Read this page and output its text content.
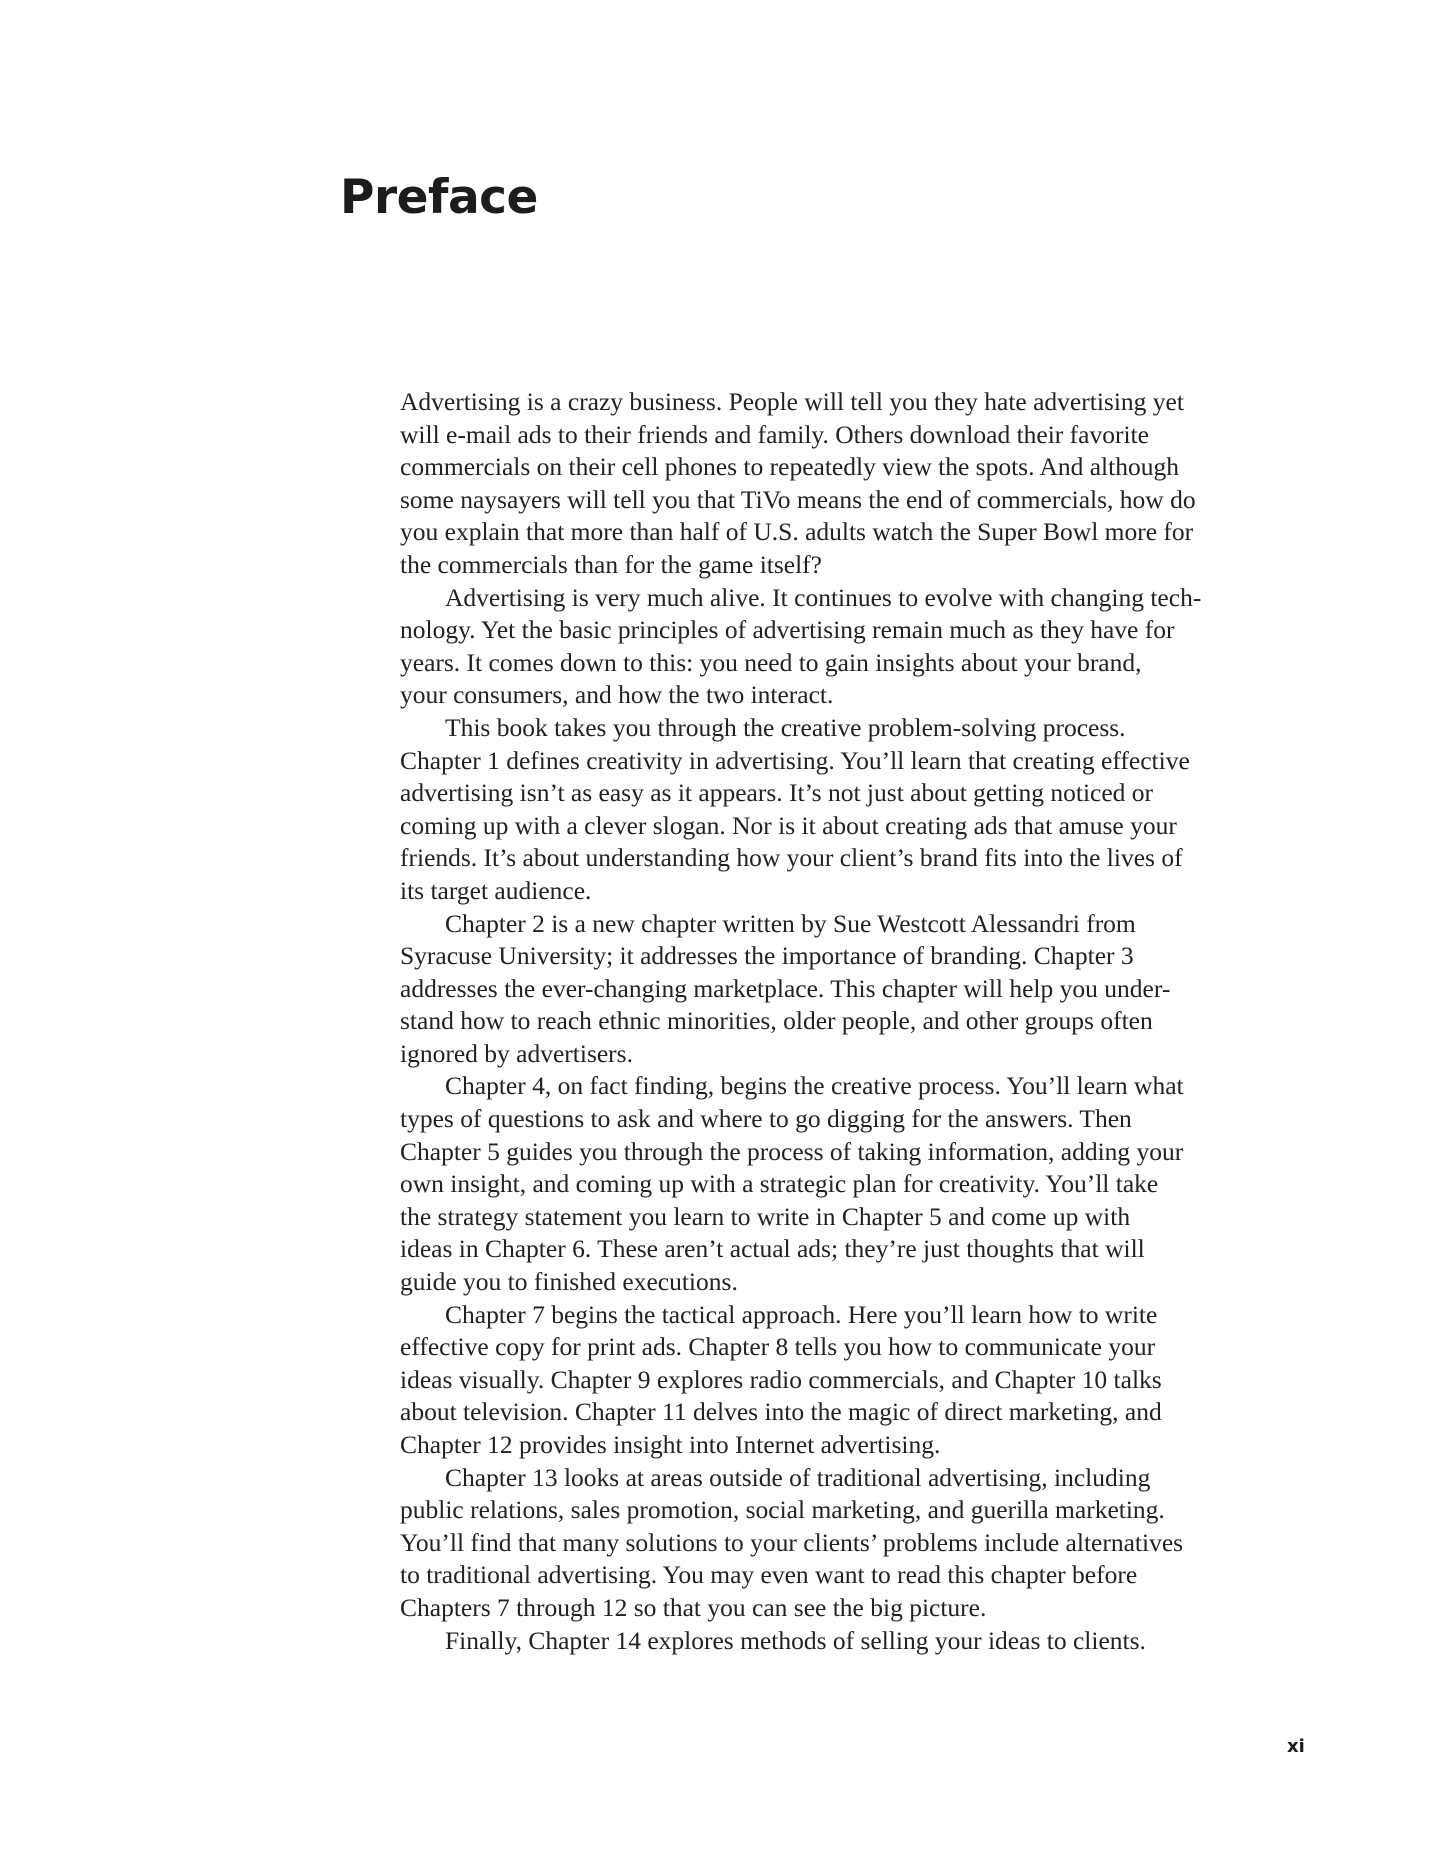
Preface
Advertising is a crazy business. People will tell you they hate advertising yet
will e-mail ads to their friends and family. Others download their favorite
commercials on their cell phones to repeatedly view the spots. And although
some naysayers will tell you that TiVo means the end of commercials, how do
you explain that more than half of U.S. adults watch the Super Bowl more for
the commercials than for the game itself?
Advertising is very much alive. It continues to evolve with changing tech-
nology. Yet the basic principles of advertising remain much as they have for
years. It comes down to this: you need to gain insights about your brand,
your consumers, and how the two interact.
This book takes you through the creative problem-solving process.
Chapter 1 defines creativity in advertising. You’ll learn that creating effective
advertising isn’t as easy as it appears. It’s not just about getting noticed or
coming up with a clever slogan. Nor is it about creating ads that amuse your
friends. It’s about understanding how your client’s brand fits into the lives of
its target audience.
Chapter 2 is a new chapter written by Sue Westcott Alessandri from
Syracuse University; it addresses the importance of branding. Chapter 3
addresses the ever-changing marketplace. This chapter will help you under-
stand how to reach ethnic minorities, older people, and other groups often
ignored by advertisers.
Chapter 4, on fact finding, begins the creative process. You’ll learn what
types of questions to ask and where to go digging for the answers. Then
Chapter 5 guides you through the process of taking information, adding your
own insight, and coming up with a strategic plan for creativity. You’ll take
the strategy statement you learn to write in Chapter 5 and come up with
ideas in Chapter 6. These aren’t actual ads; they’re just thoughts that will
guide you to finished executions.
Chapter 7 begins the tactical approach. Here you’ll learn how to write
effective copy for print ads. Chapter 8 tells you how to communicate your
ideas visually. Chapter 9 explores radio commercials, and Chapter 10 talks
about television. Chapter 11 delves into the magic of direct marketing, and
Chapter 12 provides insight into Internet advertising.
Chapter 13 looks at areas outside of traditional advertising, including
public relations, sales promotion, social marketing, and guerilla marketing.
You’ll find that many solutions to your clients’ problems include alternatives
to traditional advertising. You may even want to read this chapter before
Chapters 7 through 12 so that you can see the big picture.
Finally, Chapter 14 explores methods of selling your ideas to clients.
xi
